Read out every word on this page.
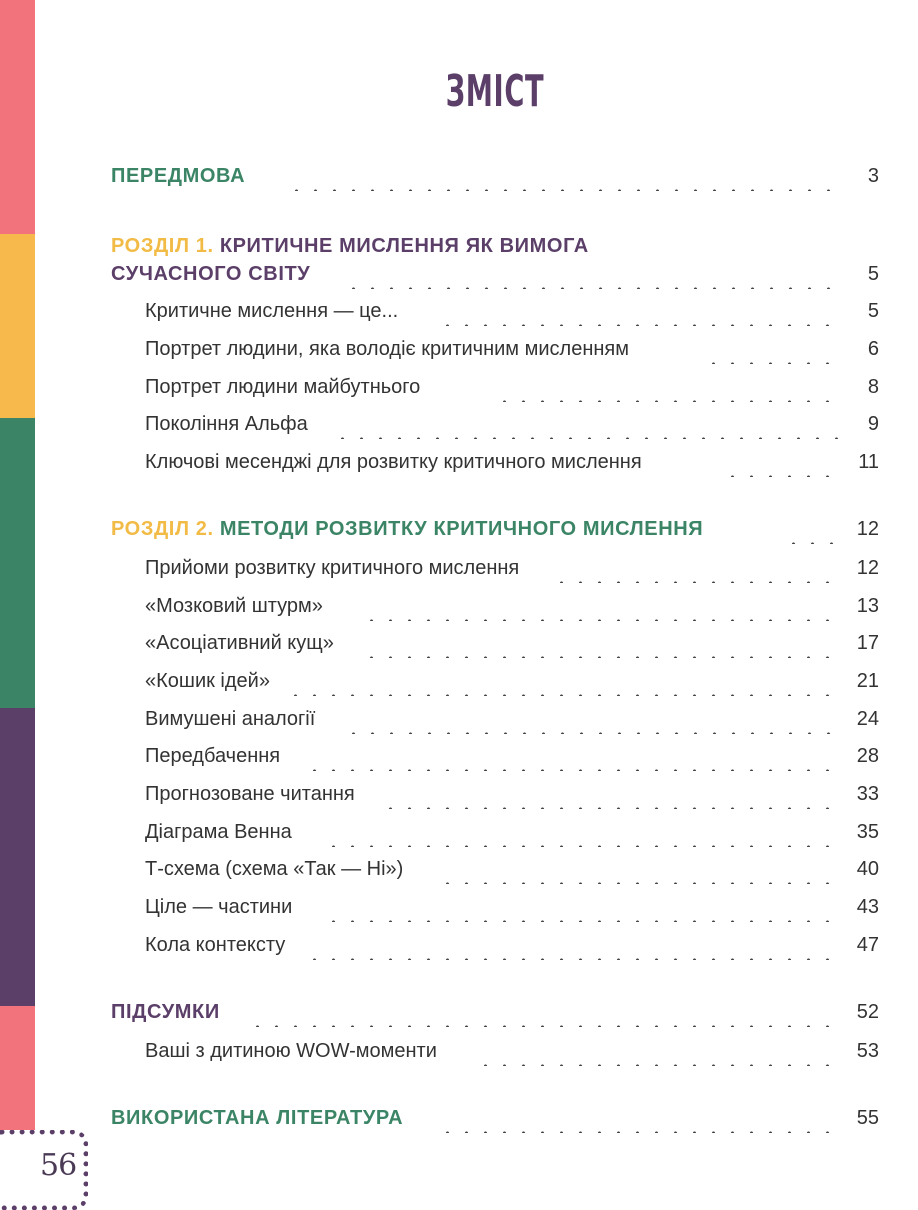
56
ЗМІСТ
ПЕРЕДМОВА	3
РОЗДІЛ 1. КРИТИЧНЕ МИСЛЕННЯ ЯК ВИМОГА
СУЧАСНОГО СВІТУ	5
Критичне мислення — це...	5
Портрет людини, яка володіє критичним мисленням	6
Портрет людини майбутнього	8
Покоління Альфа	9
Ключові месенджі для розвитку критичного мислення	11
РОЗДІЛ 2. МЕТОДИ РОЗВИТКУ КРИТИЧНОГО МИСЛЕННЯ	12
Прийоми розвитку критичного мислення	12
«Мозковий штурм»	13
«Асоціативний кущ»	17
«Кошик ідей»	21
Вимушені аналогії	24
Передбачення	28
Прогнозоване читання	33
Діаграма Венна	35
Т-схема (схема «Так — Ні»)	40
Ціле — частини	43
Кола контексту	47
ПІДСУМКИ	52
Ваші з дитиною WOW-моменти	53
ВИКОРИСТАНА ЛІТЕРАТУРА	55
